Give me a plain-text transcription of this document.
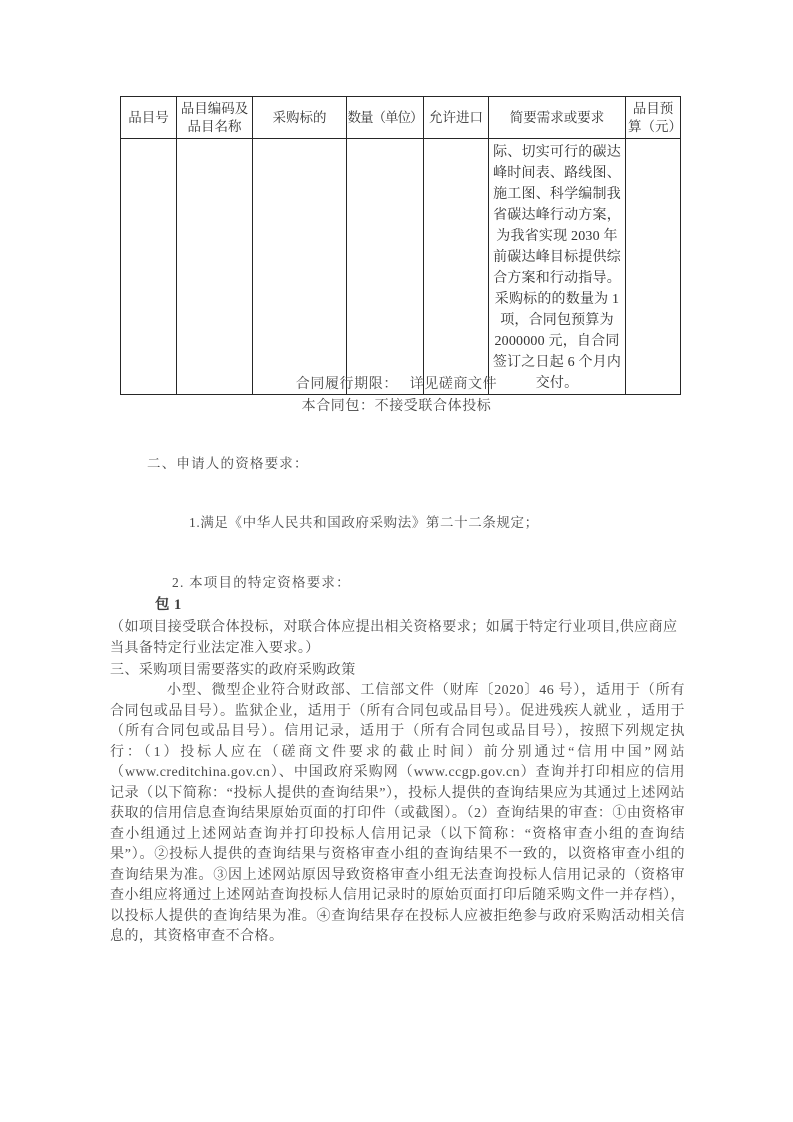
品目号	品目编码及品目名称	采购标的	数量（单位）	允许进口	简要需求或要求	品目预算（元）
					际、切实可行的碳达峰时间表、路线图、施工图、科学编制我省碳达峰行动方案，为我省实现 2030 年前碳达峰目标提供综合方案和行动指导。采购标的的数量为 1 项，合同包预算为 2000000 元，自合同签订之日起 6 个月内交付。	
合同履行期限：　 详见磋商文件
本合同包：不接受联合体投标
二、申请人的资格要求：
1.满足《中华人民共和国政府采购法》第二十二条规定；
2. 本项目的特定资格要求：
包 1
（如项目接受联合体投标，对联合体应提出相关资格要求；如属于特定行业项目,供应商应当具备特定行业法定准入要求。）
三、采购项目需要落实的政府采购政策

小型、微型企业符合财政部、工信部文件（财库〔2020〕46 号），适用于（所有合同包或品目号）。监狱企业，适用于（所有合同包或品目号）。促进残疾人就业 ，适用于（所有合同包或品目号）。信用记录，适用于（所有合同包或品目号），按照下列规定执行：（1）投标人应在（磋商文件要求的截止时间）前分别通过“信用中国”网站（www.creditchina.gov.cn）、中国政府采购网（www.ccgp.gov.cn）查询并打印相应的信用记录（以下简称：“投标人提供的查询结果”），投标人提供的查询结果应为其通过上述网站获取的信用信息查询结果原始页面的打印件（或截图）。（2）查询结果的审查：①由资格审查小组通过上述网站查询并打印投标人信用记录（以下简称：“资格审查小组的查询结果”）。②投标人提供的查询结果与资格审查小组的查询结果不一致的，以资格审查小组的查询结果为准。③因上述网站原因导致资格审查小组无法查询投标人信用记录的（资格审查小组应将通过上述网站查询投标人信用记录时的原始页面打印后随采购文件一并存档），以投标人提供的查询结果为准。④查询结果存在投标人应被拒绝参与政府采购活动相关信息的，其资格审查不合格。
